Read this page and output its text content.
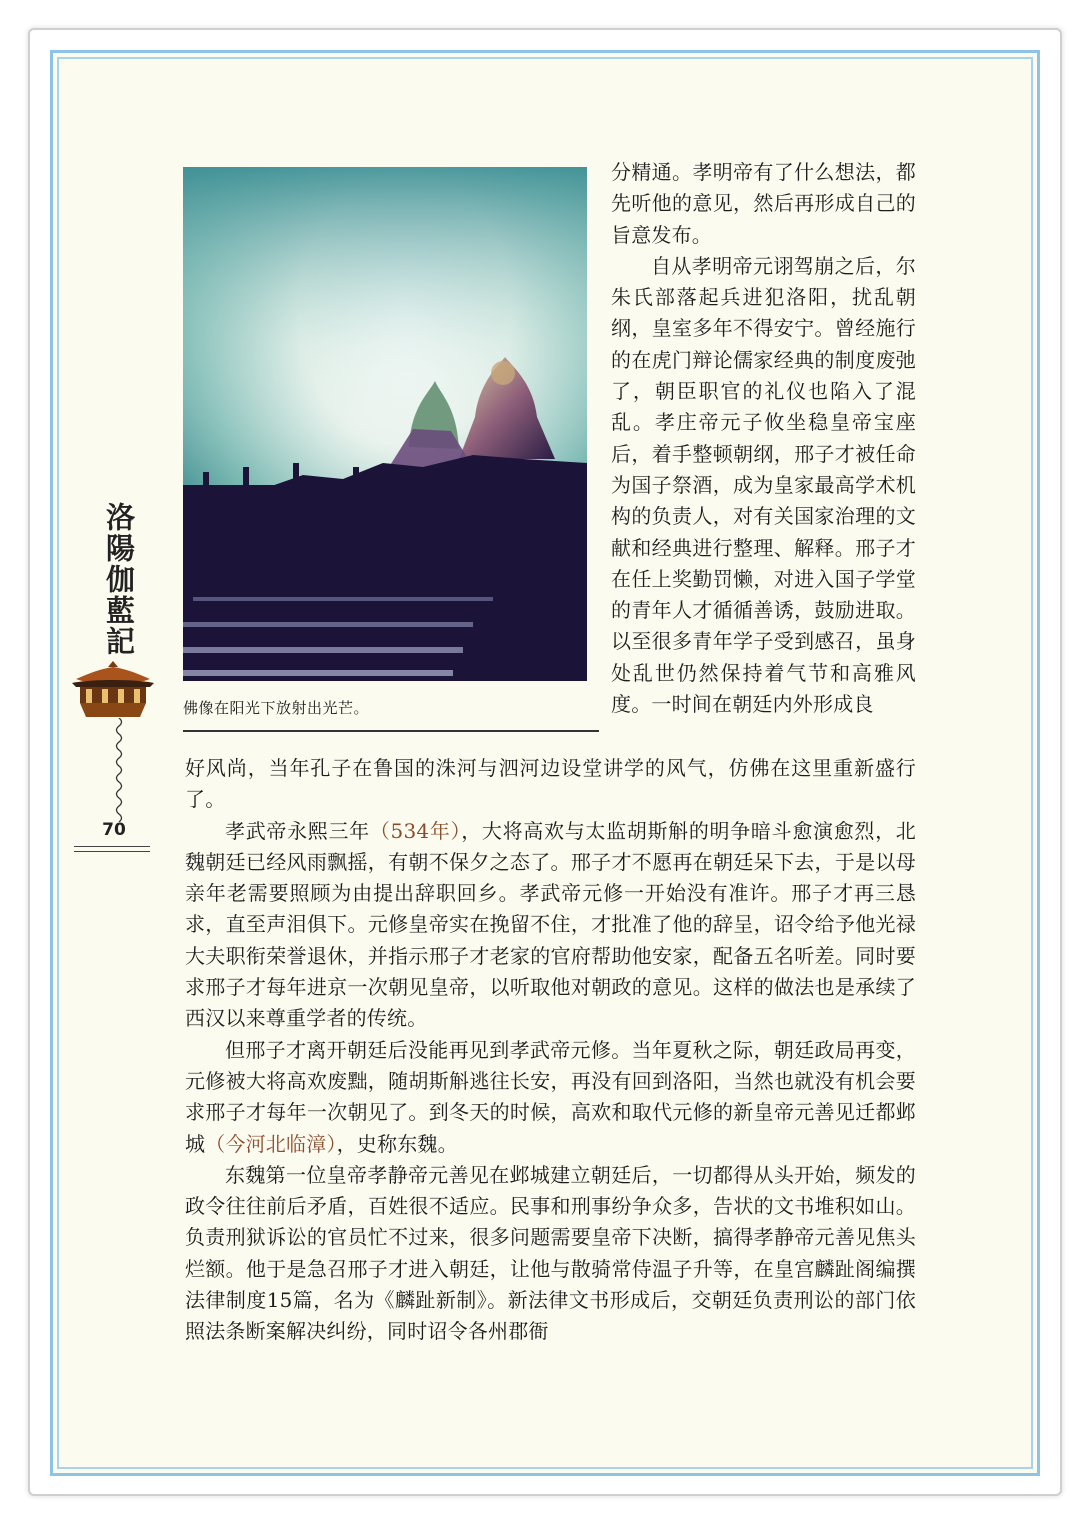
佛像在阳光下放射出光芒。

分精通。孝明帝有了什么想法，都先听他的意见，然后再形成自己的旨意发布。

自从孝明帝元诩驾崩之后，尔朱氏部落起兵进犯洛阳，扰乱朝纲，皇室多年不得安宁。曾经施行的在虎门辩论儒家经典的制度废弛了，朝臣职官的礼仪也陷入了混乱。孝庄帝元子攸坐稳皇帝宝座后，着手整顿朝纲，邢子才被任命为国子祭酒，成为皇家最高学术机构的负责人，对有关国家治理的文献和经典进行整理、解释。邢子才在任上奖勤罚懒，对进入国子学堂的青年人才循循善诱，鼓励进取。以至很多青年学子受到感召，虽身处乱世仍然保持着气节和高雅风度。一时间在朝廷内外形成良

好风尚，当年孔子在鲁国的洙河与泗河边设堂讲学的风气，仿佛在这里重新盛行了。

孝武帝永熙三年（534年），大将高欢与太监胡斯斛的明争暗斗愈演愈烈，北魏朝廷已经风雨飘摇，有朝不保夕之态了。邢子才不愿再在朝廷呆下去，于是以母亲年老需要照顾为由提出辞职回乡。孝武帝元修一开始没有准许。邢子才再三恳求，直至声泪俱下。元修皇帝实在挽留不住，才批准了他的辞呈，诏令给予他光禄大夫职衔荣誉退休，并指示邢子才老家的官府帮助他安家，配备五名听差。同时要求邢子才每年进京一次朝见皇帝，以听取他对朝政的意见。这样的做法也是承续了西汉以来尊重学者的传统。

但邢子才离开朝廷后没能再见到孝武帝元修。当年夏秋之际，朝廷政局再变，元修被大将高欢废黜，随胡斯斛逃往长安，再没有回到洛阳，当然也就没有机会要求邢子才每年一次朝见了。到冬天的时候，高欢和取代元修的新皇帝元善见迁都邺城（今河北临漳），史称东魏。

东魏第一位皇帝孝静帝元善见在邺城建立朝廷后，一切都得从头开始，频发的政令往往前后矛盾，百姓很不适应。民事和刑事纷争众多，告状的文书堆积如山。负责刑狱诉讼的官员忙不过来，很多问题需要皇帝下决断，搞得孝静帝元善见焦头烂额。他于是急召邢子才进入朝廷，让他与散骑常侍温子升等，在皇宫麟趾阁编撰法律制度15篇，名为《麟趾新制》。新法律文书形成后，交朝廷负责刑讼的部门依照法条断案解决纠纷，同时诏令各州郡衙

洛陽伽藍記
70
